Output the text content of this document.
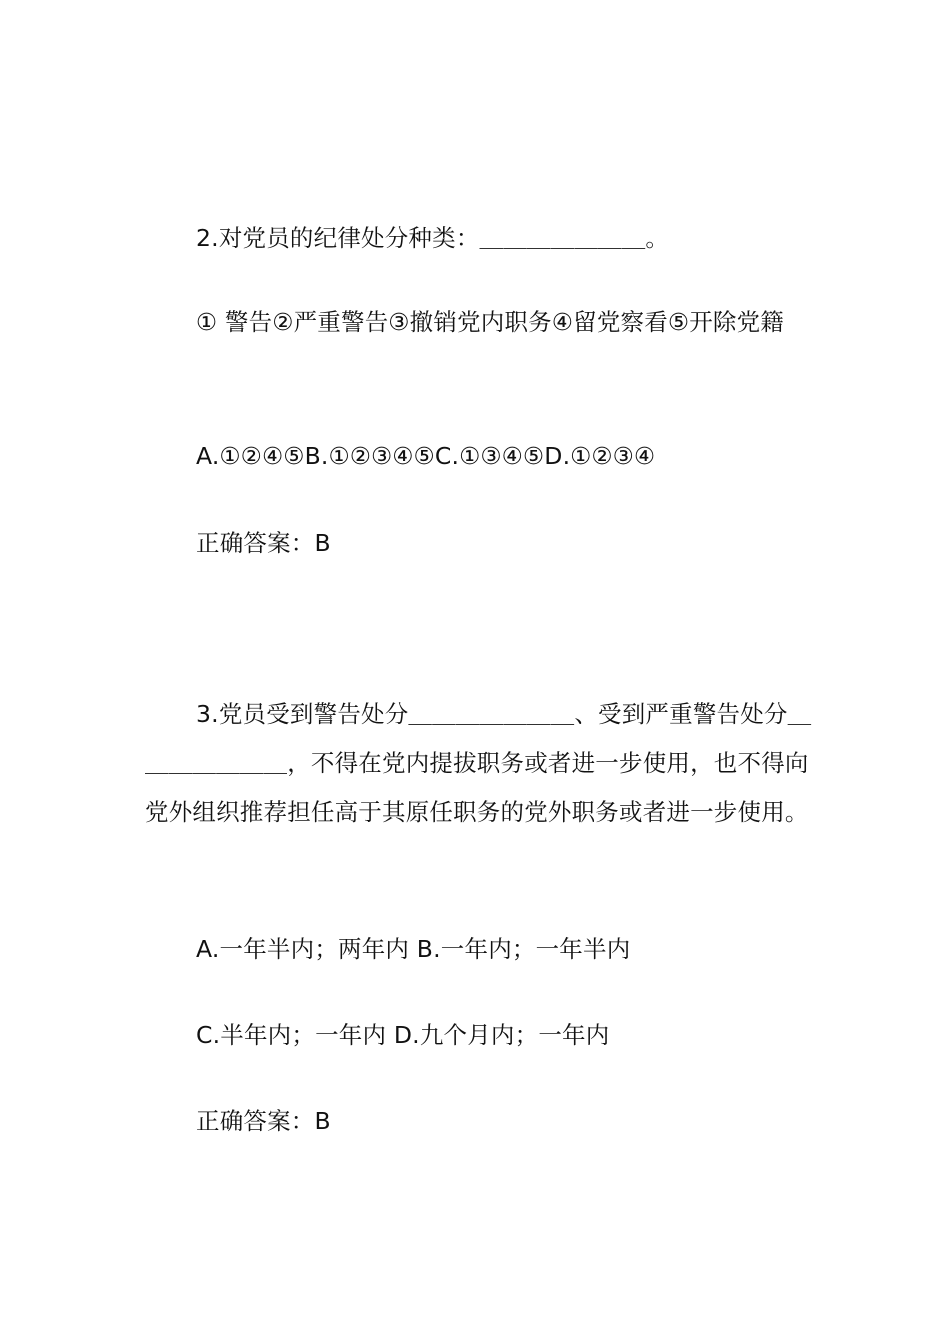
2.对党员的纪律处分种类：＿＿＿＿＿＿＿。

① 警告②严重警告③撤销党内职务④留党察看⑤开除党籍

A.①②④⑤B.①②③④⑤C.①③④⑤D.①②③④

正确答案：B

3.党员受到警告处分＿＿＿＿＿＿＿、受到严重警告处分＿＿＿＿＿＿＿，不得在党内提拔职务或者进一步使用，也不得向党外组织推荐担任高于其原任职务的党外职务或者进一步使用。

A.一年半内；两年内 B.一年内；一年半内

C.半年内；一年内 D.九个月内；一年内

正确答案：B
